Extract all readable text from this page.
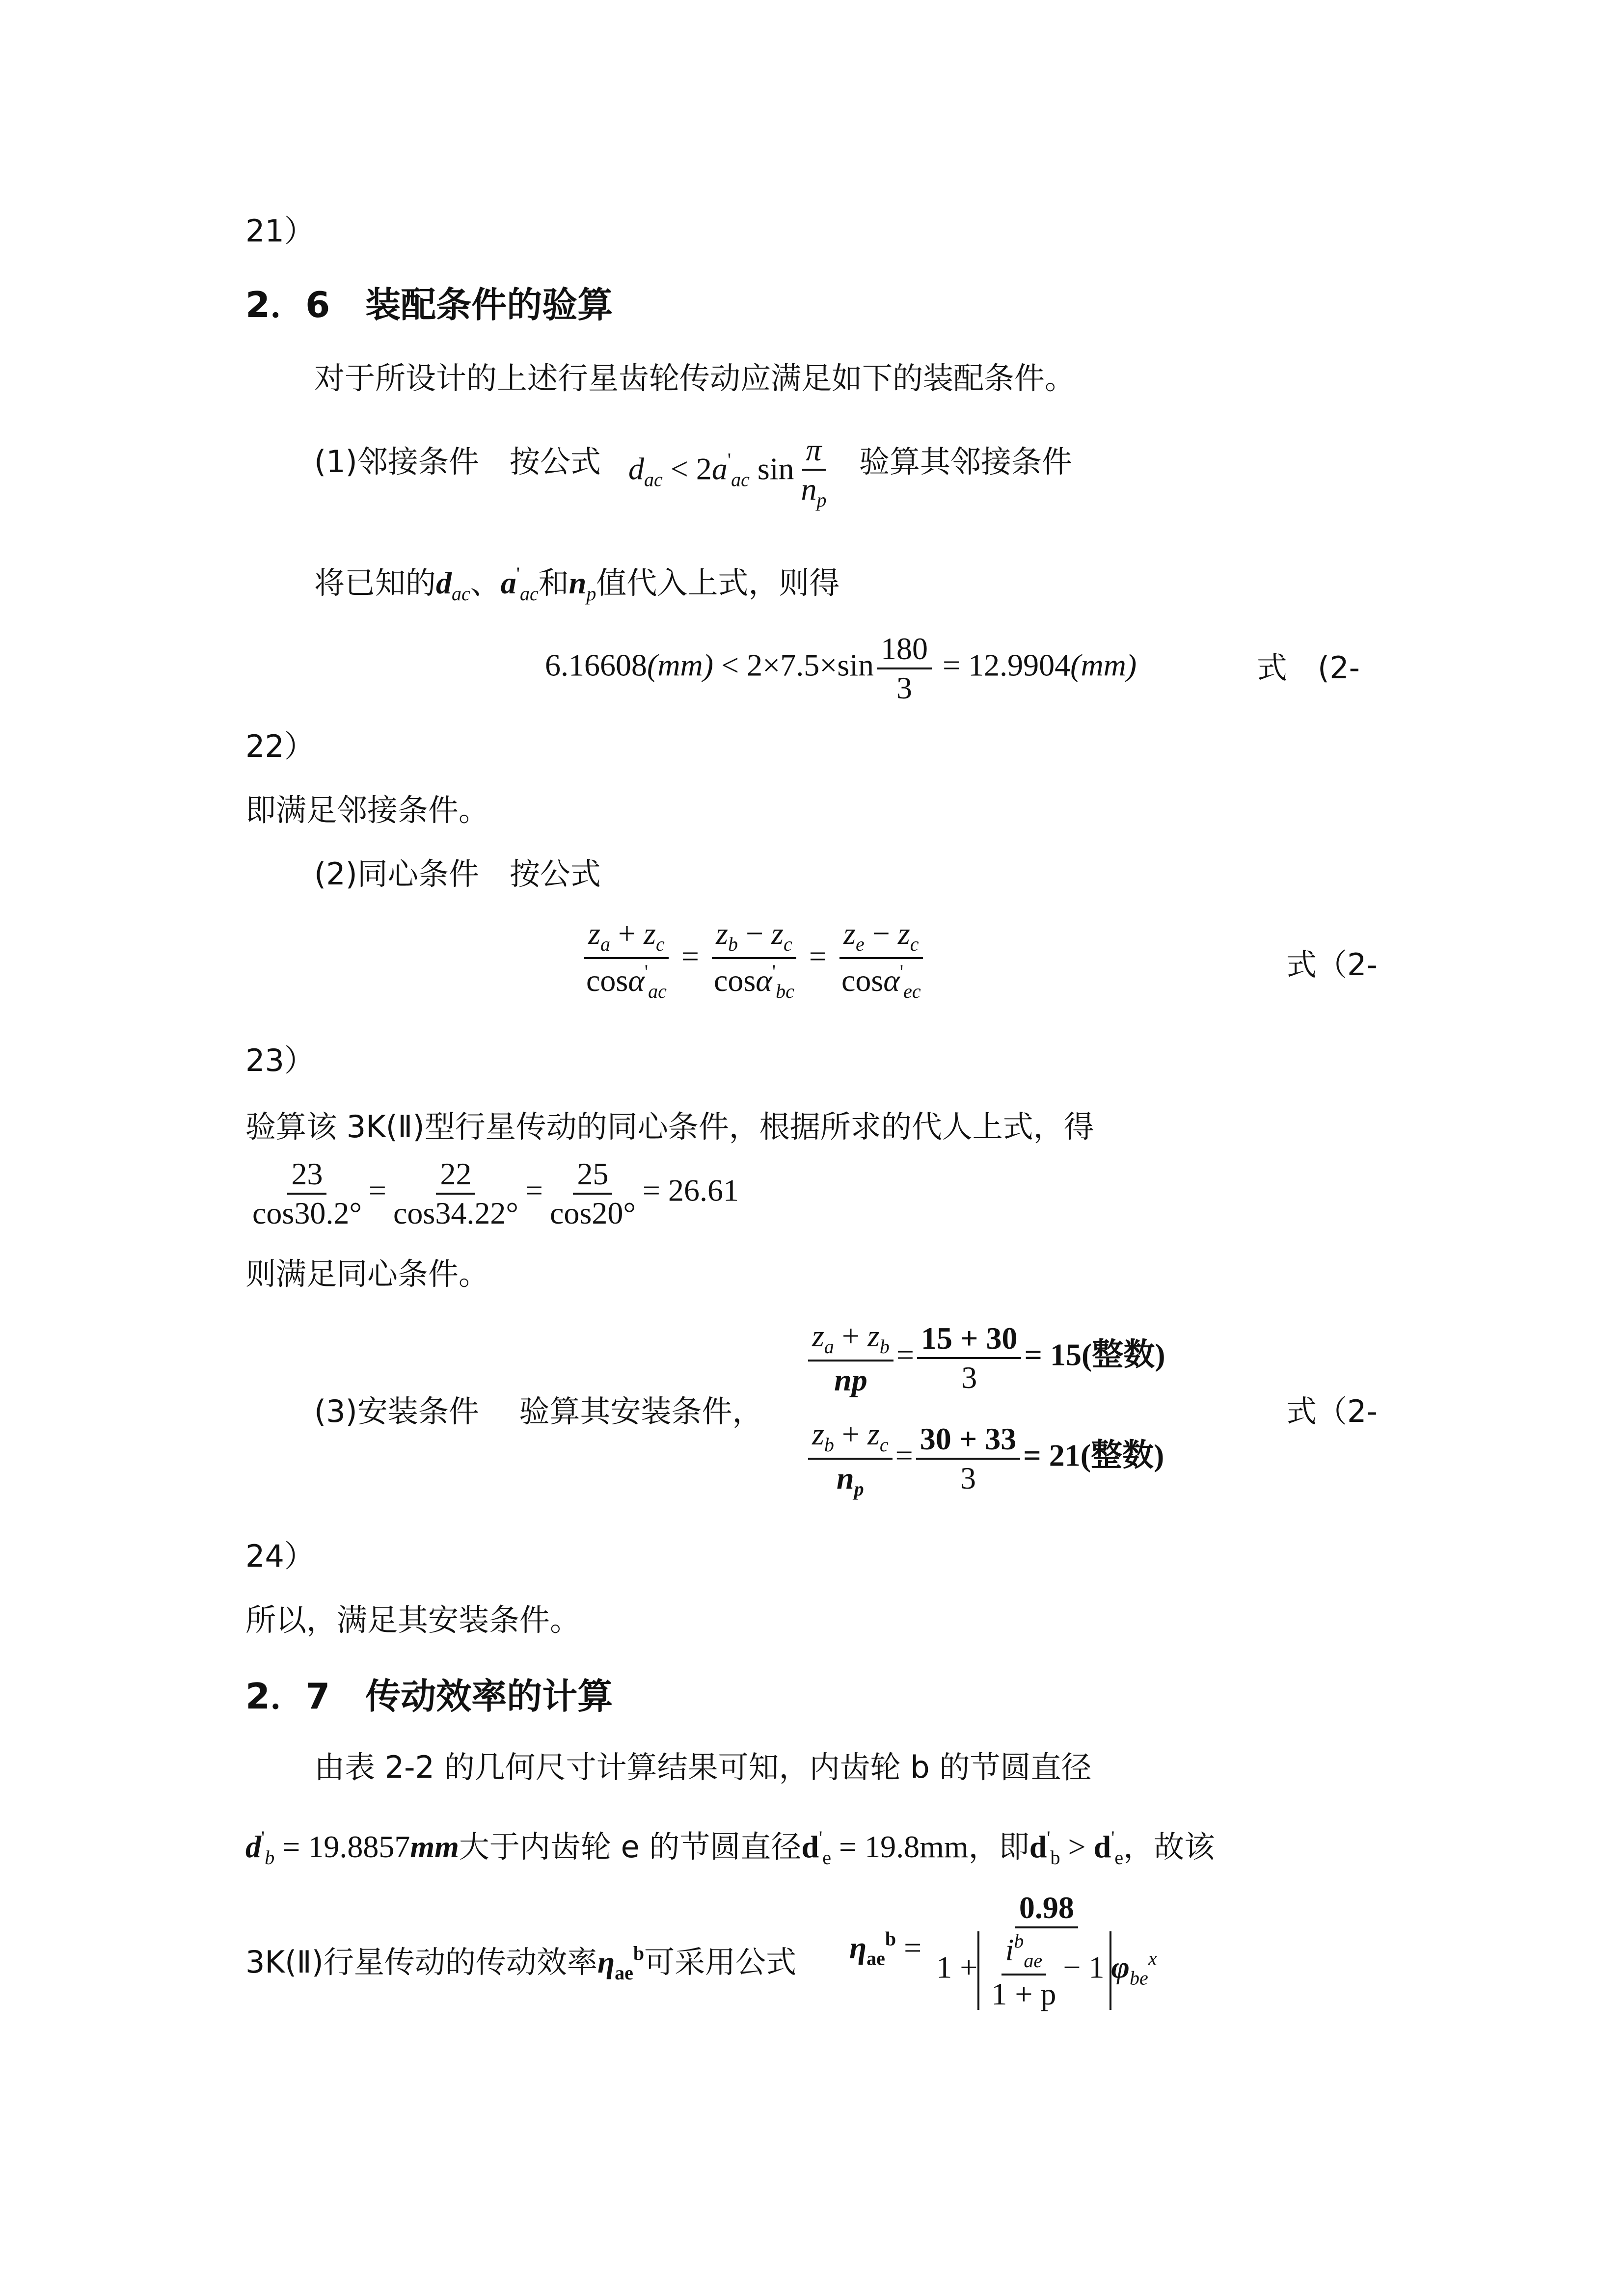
21）
2．6　装配条件的验算
对于所设计的上述行星齿轮传动应满足如下的装配条件。
(1)邻接条件　按公式 $d_{ac} < 2a'_{ac}$ $\sin \frac{\pi}{n_p}$ 验算其邻接条件
将已知的$d_{ac}$、$a'_{ac}$和$n_p$值代入上式，则得
$6.16608(mm) < 2\times 7.5\times\sin \frac{180}{3} = 12.9904(mm)$	式　(2-
22）
即满足邻接条件。
(2)同心条件　按公式
$\frac{z_a + z_c}{\cos\alpha'_{ac}} = \frac{z_b - z_c}{\cos\alpha'_{bc}} = \frac{z_e - z_c}{\cos\alpha'_{ec}}$	式（2-
23）
验算该 3K(Ⅱ)型行星传动的同心条件，根据所求的代人上式，得
$\frac{23}{\cos 30.2^\circ} = \frac{22}{\cos 34.22^\circ} = \frac{25}{\cos 20^\circ} = 26.61$
则满足同心条件。
(3)安装条件　 验算其安装条件，
$\frac{z_a + z_b}{np} = \frac{15 + 30}{3} = 15$(整数)
$\frac{z_b + z_c}{n_p} = \frac{30 + 33}{3} = 21$(整数)
式（2-
24）
所以，满足其安装条件。
2．7　传动效率的计算
由表 2-2 的几何尺寸计算结果可知，内齿轮 b 的节圆直径
$d'_b = 19.8857mm$大于内齿轮 e 的节圆直径$d'_e = 19.8mm$，即$d'_b > d'_e$，故该
3K(Ⅱ)行星传动的传动效率$\eta_{ae}^b$可采用公式 $\eta_{ae}^b = \frac{0.98}{1 + \frac{i^b_{ae}}{1 + p} - 1 \varphi_{be}^x}$
